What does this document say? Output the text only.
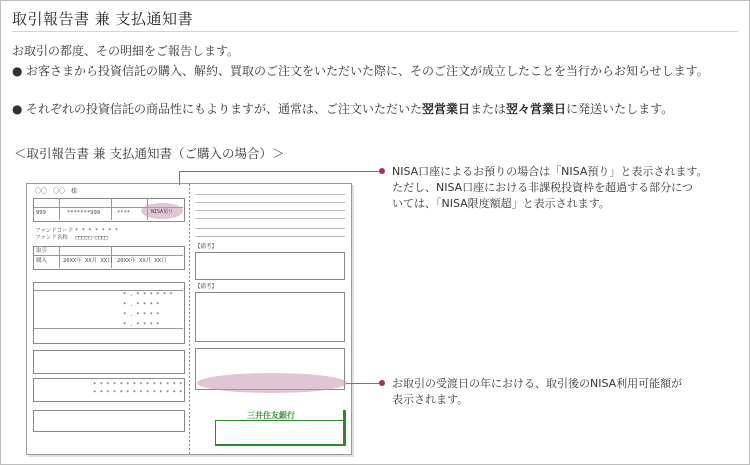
取引報告書 兼 支払通知書
お取引の都度、その明細をご報告します。
● お客さまから投資信託の購入、解約、買取のご注文をいただいた際に、そのご注文が成立したことを当行からお知らせします。
● それぞれの投資信託の商品性にもよりますが、通常は、ご注文いただいた翌営業日または翌々営業日に発送いたします。
＜取引報告書 兼 支払通知書（ご購入の場合）＞
〇〇　〇〇　様
999	*******999	****	NISA預り
ファンドコード * * * * * * *
ファンド名称 □□□□□·□□□□
取引
購入	20XX年 XX月 XX日 20XX年 XX月 XX日
* . * * * * * *
* . * * * *
* . * * * *
* . * * * *
* * * * * * * * * * * * * *
* * * * * * * * * * * * * *
【備考】
【備考】
三井住友銀行
NISA口座によるお預りの場合は「NISA預り」と表示されます。
ただし、NISA口座における非課税投資枠を超過する部分につ
いては、「NISA限度額超」と表示されます。
お取引の受渡日の年における、取引後のNISA利用可能額が
表示されます。
